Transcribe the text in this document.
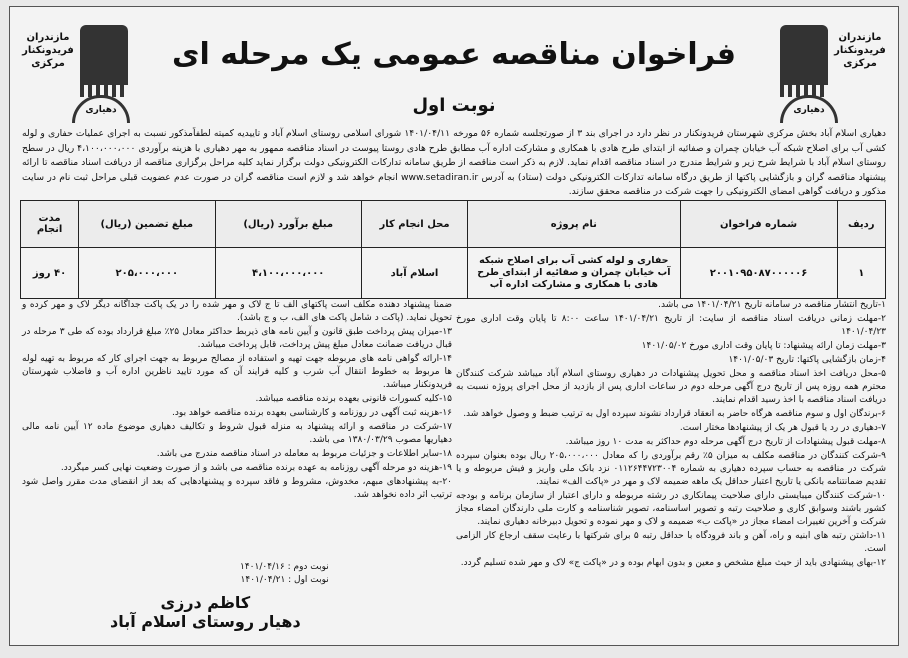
مازندران فریدونکنار مرکزی
دهیاری
مازندران فریدونکنار مرکزی
دهیاری
فراخوان مناقصه عمومی یک مرحله ای
نوبت اول
دهیاری اسلام آباد بخش مرکزی شهرستان فریدونکنار در نظر دارد در اجرای بند ۳ از صورتجلسه شماره ۵۶ مورخه ۱۴۰۱/۰۴/۱۱ شورای اسلامی روستای اسلام آباد و تاییدیه کمیته لطفاًمذکور نسبت به اجرای عملیات حفاری و لوله کشی آب برای اصلاح شبکه آب خیابان چمران و صفائیه از ابتدای طرح هادی با همکاری و مشارکت اداره آب مطابق طرح هادی روستا پیوست در اسناد مناقصه ممهور به مهر دهیاری با هزینه برآوردی ۴،۱۰۰،۰۰۰،۰۰۰ ریال در سطح روستای اسلام آباد با شرایط شرح زیر و شرایط مندرج در اسناد مناقصه اقدام نماید. لازم به ذکر است مناقصه از طریق سامانه تدارکات الکترونیکی دولت برگزار نماید کلیه مراحل برگزاری مناقصه از دریافت اسناد مناقصه تا ارائه پیشنهاد مناقصه گران و بازگشایی پاکتها از طریق درگاه سامانه تدارکات الکترونیکی دولت (ستاد) به آدرس www.setadiran.ir انجام خواهد شد و لازم است مناقصه گران در صورت عدم عضویت قبلی مراحل ثبت نام در سایت مذکور و دریافت گواهی امضای الکترونیکی را جهت شرکت در مناقصه محقق سازند.
ردیف	شماره فراخوان	نام پروژه	محل انجام کار	مبلغ برآورد (ریال)	مبلغ تضمین (ریال)	مدت انجام
۱	۲۰۰۱۰۹۵۰۸۷۰۰۰۰۰۶	حفاری و لوله کشی آب برای اصلاح شبکه آب خیابان چمران و صفائیه از ابتدای طرح هادی با همکاری و مشارکت اداره آب	اسلام آباد	۴،۱۰۰،۰۰۰،۰۰۰	۲۰۵،۰۰۰،۰۰۰	۴۰ روز

۱-تاریخ انتشار مناقصه در سامانه تاریخ ۱۴۰۱/۰۴/۲۱ می باشد.

۲-مهلت زمانی دریافت اسناد مناقصه از سایت: از تاریخ ۱۴۰۱/۰۴/۲۱ ساعت ۸:۰۰ تا پایان وقت اداری مورخ ۱۴۰۱/۰۴/۲۳

۳-مهلت زمان ارائه پیشنهاد: تا پایان وقت اداری مورخ ۱۴۰۱/۰۵/۰۲

۴-زمان بازگشایی پاکتها: تاریخ ۱۴۰۱/۰۵/۰۳

۵-محل دریافت اخذ اسناد مناقصه و محل تحویل پیشنهادات در دهیاری روستای اسلام آباد میباشد شرکت کنندگان محترم همه روزه پس از تاریخ درج آگهی مرحله دوم در ساعات اداری پس از بازدید از محل اجرای پروژه نسبت به دریافت اسناد مناقصه با اخذ رسید اقدام نمایند.

۶-برندگان اول و سوم مناقصه هرگاه حاضر به انعقاد قرارداد نشوند سپرده اول به ترتیب ضبط و وصول خواهد شد.

۷-دهیاری در رد یا قبول هر یک از پیشنهادها مختار است.

۸-مهلت قبول پیشنهادات از تاریخ درج آگهی مرحله دوم حداکثر به مدت ۱۰ روز میباشد.

۹-شرکت کنندگان در مناقصه مکلف به میزان ۵٪ رقم برآوردی را که معادل ۲۰۵،۰۰۰،۰۰۰ ریال بوده بعنوان سپرده شرکت در مناقصه به حساب سپرده دهیاری به شماره ۰۱۱۲۶۴۴۷۲۳۰۰۴ نزد بانک ملی واریز و فیش مربوطه و یا تقدیم ضمانتنامه بانکی یا تاریخ اعتبار حداقل یک ماهه ضمیمه لاک و مهر در «پاکت الف» نمایند.

۱۰-شرکت کنندگان میبایستی دارای صلاحیت پیمانکاری در رشته مربوطه و دارای اعتبار از سازمان برنامه و بودجه کشور باشند وسوابق کاری و صلاحیت رتبه و تصویر اساسنامه، تصویر شناسنامه و کارت ملی دارندگان امضاء مجاز شرکت و آخرین تغییرات امضاء مجاز در «پاکت ب» ضمیمه و لاک و مهر نموده و تحویل دبیرخانه دهیاری نمایند.

۱۱-داشتن رتبه های ابنیه و راه، آهن و باند فرودگاه با حداقل رتبه ۵ برای شرکتها با رعایت سقف ارجاع کار الزامی است.

۱۲-بهای پیشنهادی باید از حیث مبلغ مشخص و معین و بدون ابهام بوده و در «پاکت ج» لاک و مهر شده تسلیم گردد.

ضمنا پیشنهاد دهنده مکلف است پاکتهای الف تا ج لاک و مهر شده را در یک پاکت جداگانه دیگر لاک و مهر کرده و تحویل نماید. (پاکت د شامل پاکت های الف، ب و ج باشد).

۱۳-میزان پیش پرداخت طبق قانون و آیین نامه های ذیربط حداکثر معادل ۲۵٪ مبلغ قرارداد بوده که طی ۳ مرحله در قبال دریافت ضمانت معادل مبلغ پیش پرداخت، قابل پرداخت میباشد.

۱۴-ارائه گواهی نامه های مربوطه جهت تهیه و استفاده از مصالح مربوط به جهت اجرای کار که مربوط به تهیه لوله ها مربوط به خطوط انتقال آب شرب و کلیه فرایند آن که مورد تایید ناظرین اداره آب و فاضلاب شهرستان فریدونکنار میباشد.

۱۵-کلیه کسورات قانونی بعهده برنده مناقصه میباشد.

۱۶-هزینه ثبت آگهی در روزنامه و کارشناسی بعهده برنده مناقصه خواهد بود.

۱۷-شرکت در مناقصه و ارائه پیشنهاد به منزله قبول شروط و تکالیف دهیاری موضوع ماده ۱۲ آیین نامه مالی دهیاریها مصوب ۱۳۸۰/۰۳/۲۹ می باشد.

۱۸-سایر اطلاعات و جزئیات مربوط به معامله در اسناد مناقصه مندرج می باشد.

۱۹-هزینه دو مرحله آگهی روزنامه به عهده برنده مناقصه می باشد و از صورت وضعیت نهایی کسر میگردد.

۲۰-به پیشنهادهای مبهم، مخدوش، مشروط و فاقد سپرده و پیشنهادهایی که بعد از انقضای مدت مقرر واصل شود ترتیب اثر داده نخواهد شد.

نوبت دوم : ۱۴۰۱/۰۴/۱۶
نوبت اول : ۱۴۰۱/۰۴/۲۱
کاظم درزی
دهیار روستای اسلام آباد
